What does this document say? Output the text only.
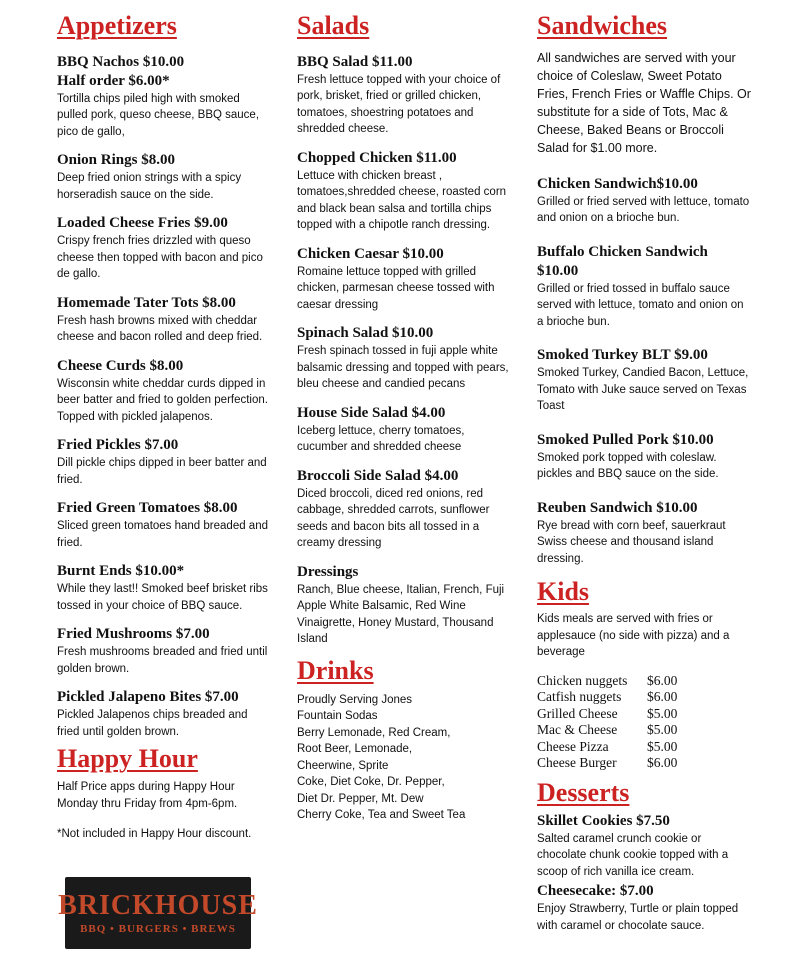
Appetizers
BBQ Nachos $10.00
Half order $6.00*
Tortilla chips piled high with smoked pulled pork, queso cheese, BBQ sauce, pico de gallo,
Onion Rings $8.00
Deep fried onion strings with a spicy horseradish sauce on the side.
Loaded Cheese Fries $9.00
Crispy french fries drizzled with queso cheese then topped with bacon and pico de gallo.
Homemade Tater Tots $8.00
Fresh hash browns mixed with cheddar cheese and bacon rolled and deep fried.
Cheese Curds $8.00
Wisconsin white cheddar curds dipped in beer batter and fried to golden perfection. Topped with pickled jalapenos.
Fried Pickles $7.00
Dill pickle chips dipped in beer batter and fried.
Fried Green Tomatoes $8.00
Sliced green tomatoes hand breaded and fried.
Burnt Ends $10.00*
While they last!! Smoked beef brisket ribs tossed in your choice of BBQ sauce.
Fried Mushrooms $7.00
Fresh mushrooms breaded and fried until golden brown.
Pickled Jalapeno Bites $7.00
Pickled Jalapenos chips breaded and fried until golden brown.
Happy Hour
Half Price apps during Happy Hour Monday thru Friday from 4pm-6pm.
*Not included in Happy Hour discount.
BRICKHOUSE
BBQ • BURGERS • BREWS
Salads
BBQ Salad $11.00
Fresh lettuce topped with your choice of pork, brisket, fried or grilled chicken, tomatoes, shoestring potatoes and shredded cheese.
Chopped Chicken $11.00
Lettuce with chicken breast , tomatoes,shredded cheese, roasted corn and black bean salsa and tortilla chips topped with a chipotle ranch dressing.
Chicken Caesar $10.00
Romaine lettuce topped with grilled chicken, parmesan cheese tossed with caesar dressing
Spinach Salad $10.00
Fresh spinach tossed in fuji apple white balsamic dressing and topped with pears, bleu cheese and candied pecans
House Side Salad $4.00
Iceberg lettuce, cherry tomatoes, cucumber and shredded cheese
Broccoli Side Salad $4.00
Diced broccoli, diced red onions, red cabbage, shredded carrots, sunflower seeds and bacon bits all tossed in a creamy dressing
Dressings
Ranch, Blue cheese, Italian, French, Fuji Apple White Balsamic, Red Wine Vinaigrette, Honey Mustard, Thousand Island
Drinks
Proudly Serving Jones
Fountain Sodas
Berry Lemonade, Red Cream,
Root Beer, Lemonade,
Cheerwine, Sprite
Coke, Diet Coke, Dr. Pepper,
Diet Dr. Pepper, Mt. Dew
Cherry Coke, Tea and Sweet Tea
Sandwiches
All sandwiches are served with your choice of Coleslaw, Sweet Potato Fries, French Fries or Waffle Chips. Or substitute for a side of Tots, Mac & Cheese, Baked Beans or Broccoli Salad for $1.00 more.
Chicken Sandwich$10.00
Grilled or fried served with lettuce, tomato and onion on a brioche bun.
Buffalo Chicken Sandwich
$10.00
Grilled or fried tossed in buffalo sauce served with lettuce, tomato and onion on a brioche bun.
Smoked Turkey BLT $9.00
Smoked Turkey, Candied Bacon, Lettuce, Tomato with Juke sauce served on Texas Toast
Smoked Pulled Pork $10.00
Smoked pork topped with coleslaw. pickles and BBQ sauce on the side.
Reuben Sandwich $10.00
Rye bread with corn beef, sauerkraut Swiss cheese and thousand island dressing.
Kids
Kids meals are served with fries or applesauce (no side with pizza) and a beverage
Chicken nuggets	$6.00
Catfish nuggets	$6.00
Grilled Cheese	$5.00
Mac & Cheese	$5.00
Cheese Pizza	$5.00
Cheese Burger	$6.00
Desserts
Skillet Cookies $7.50
Salted caramel crunch cookie or chocolate chunk cookie topped with a scoop of rich vanilla ice cream.
Cheesecake: $7.00
Enjoy Strawberry, Turtle or plain topped with caramel or chocolate sauce.
